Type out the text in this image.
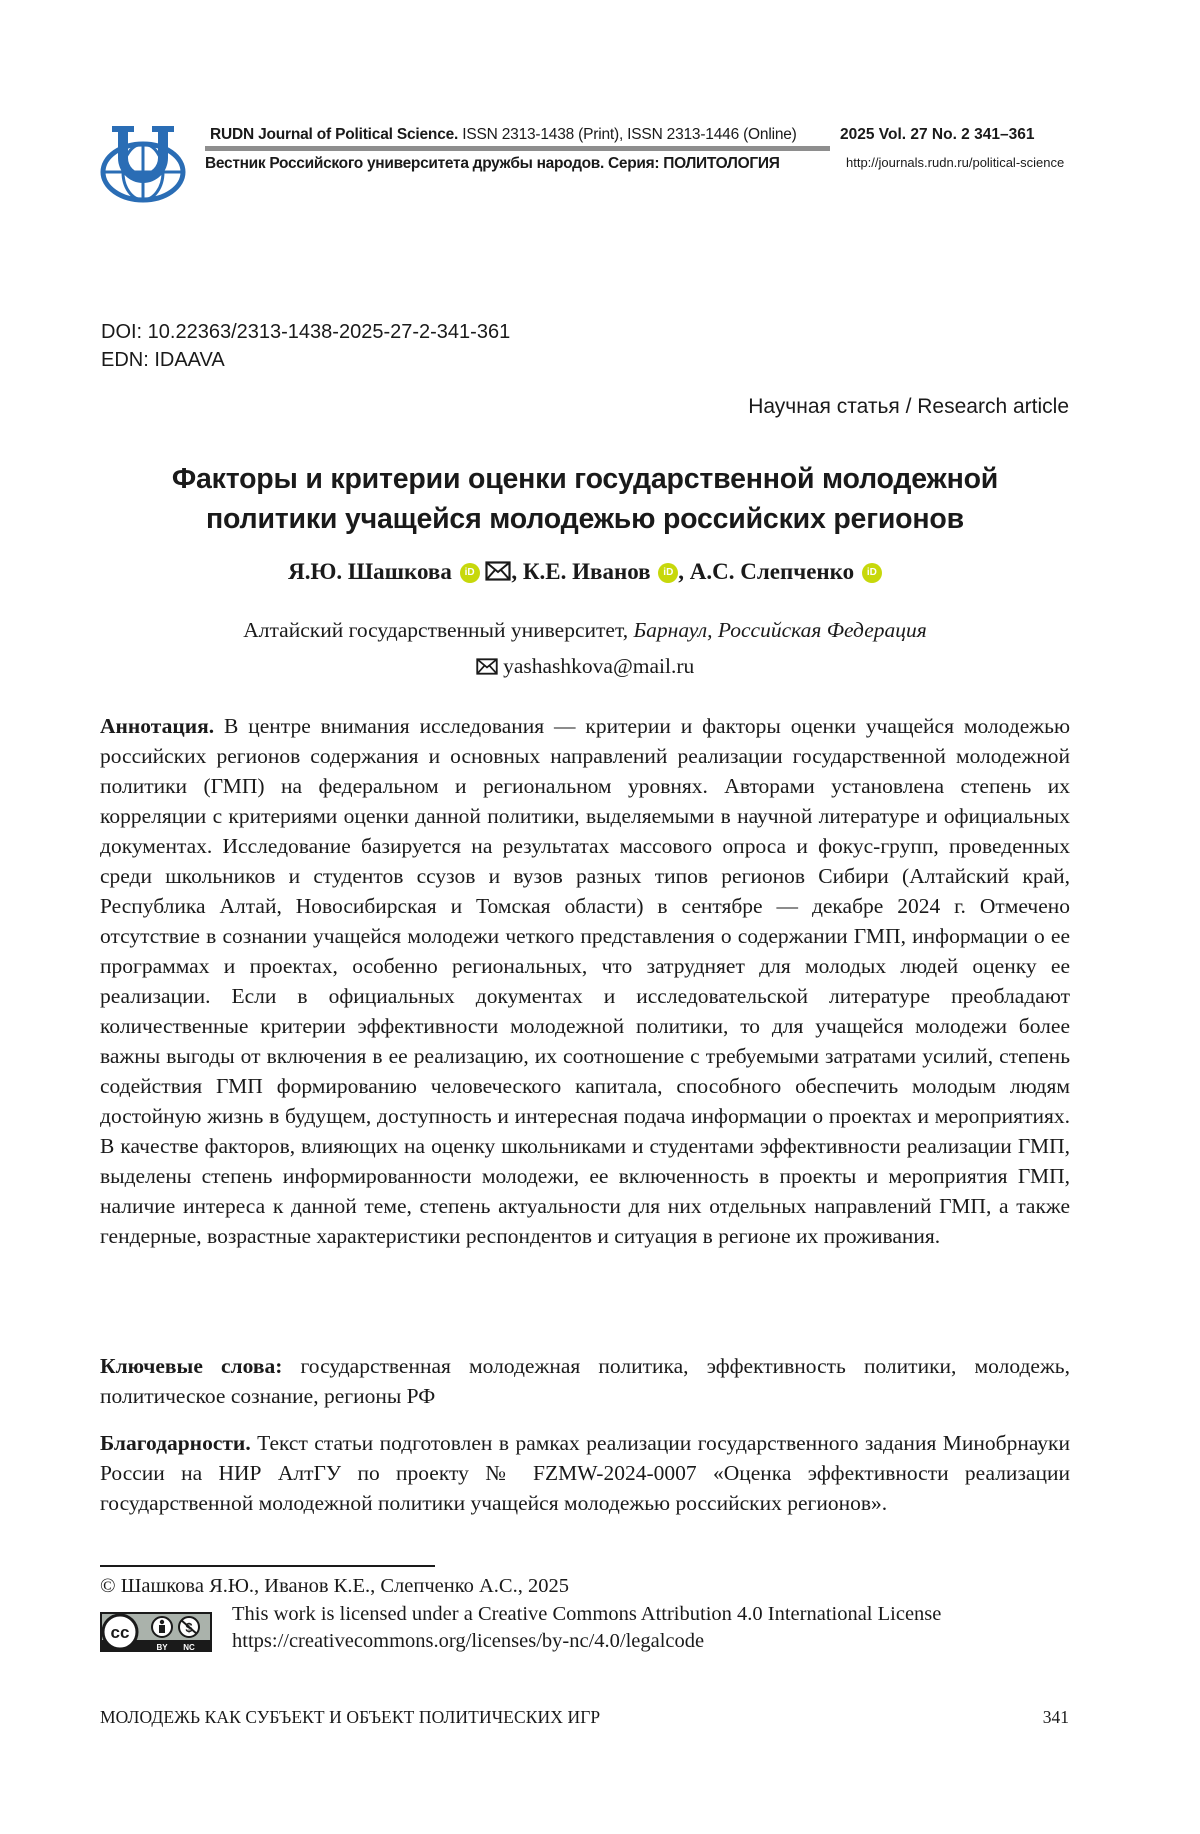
RUDN Journal of Political Science. ISSN 2313-1438 (Print), ISSN 2313-1446 (Online)
Вестник Российского университета дружбы народов. Серия: ПОЛИТОЛОГИЯ
2025 Vol. 27 No. 2 341–361
http://journals.rudn.ru/political-science
DOI: 10.22363/2313-1438-2025-27-2-341-361
EDN: IDAAVA
Научная статья / Research article
Факторы и критерии оценки государственной молодежной
политики учащейся молодежью российских регионов
Я.Ю. Шашкова iD , К.Е. Иванов iD , А.С. Слепченко iD
Алтайский государственный университет, Барнаул, Российская Федерация
yashashkova@mail.ru
Аннотация. В центре внимания исследования — критерии и факторы оценки учащейся молодежью российских регионов содержания и основных направлений реализации государственной молодежной политики (ГМП) на федеральном и региональном уровнях. Авторами установлена степень их корреляции с критериями оценки данной политики, выделяемыми в научной литературе и официальных документах. Исследование базируется на результатах массового опроса и фокус-групп, проведенных среди школьников и студентов ссузов и вузов разных типов регионов Сибири (Алтайский край, Республика Алтай, Новосибирская и Томская области) в сентябре — декабре 2024 г. Отмечено отсутствие в сознании учащейся молодежи четкого представления о содержании ГМП, информации о ее программах и проектах, особенно региональных, что затрудняет для молодых людей оценку ее реализации. Если в официальных документах и исследовательской литературе преобладают количественные критерии эффективности молодежной политики, то для учащейся молодежи более важны выгоды от включения в ее реализацию, их соотношение с требуемыми затратами усилий, степень содействия ГМП формированию человеческого капитала, способного обеспечить молодым людям достойную жизнь в будущем, доступность и интересная подача информации о проектах и мероприятиях. В качестве факторов, влияющих на оценку школьниками и студентами эффективности реализации ГМП, выделены степень информированности молодежи, ее включенность в проекты и мероприятия ГМП, наличие интереса к данной теме, степень актуальности для них отдельных направлений ГМП, а также гендерные, возрастные характеристики респондентов и ситуация в регионе их проживания.
Ключевые слова: государственная молодежная политика, эффективность политики, молодежь, политическое сознание, регионы РФ
Благодарности. Текст статьи подготовлен в рамках реализации государственного задания Минобрнауки России на НИР АлтГУ по проекту № FZMW-2024-0007 «Оценка эффективности реализации государственной молодежной политики учащейся молодежью российских регионов».
© Шашкова Я.Ю., Иванов К.Е., Слепченко А.С., 2025
cc
BY NC
This work is licensed under a Creative Commons Attribution 4.0 International License
https://creativecommons.org/licenses/by-nc/4.0/legalcode
МОЛОДЕЖЬ КАК СУБЪЕКТ И ОБЪЕКТ ПОЛИТИЧЕСКИХ ИГР	341
